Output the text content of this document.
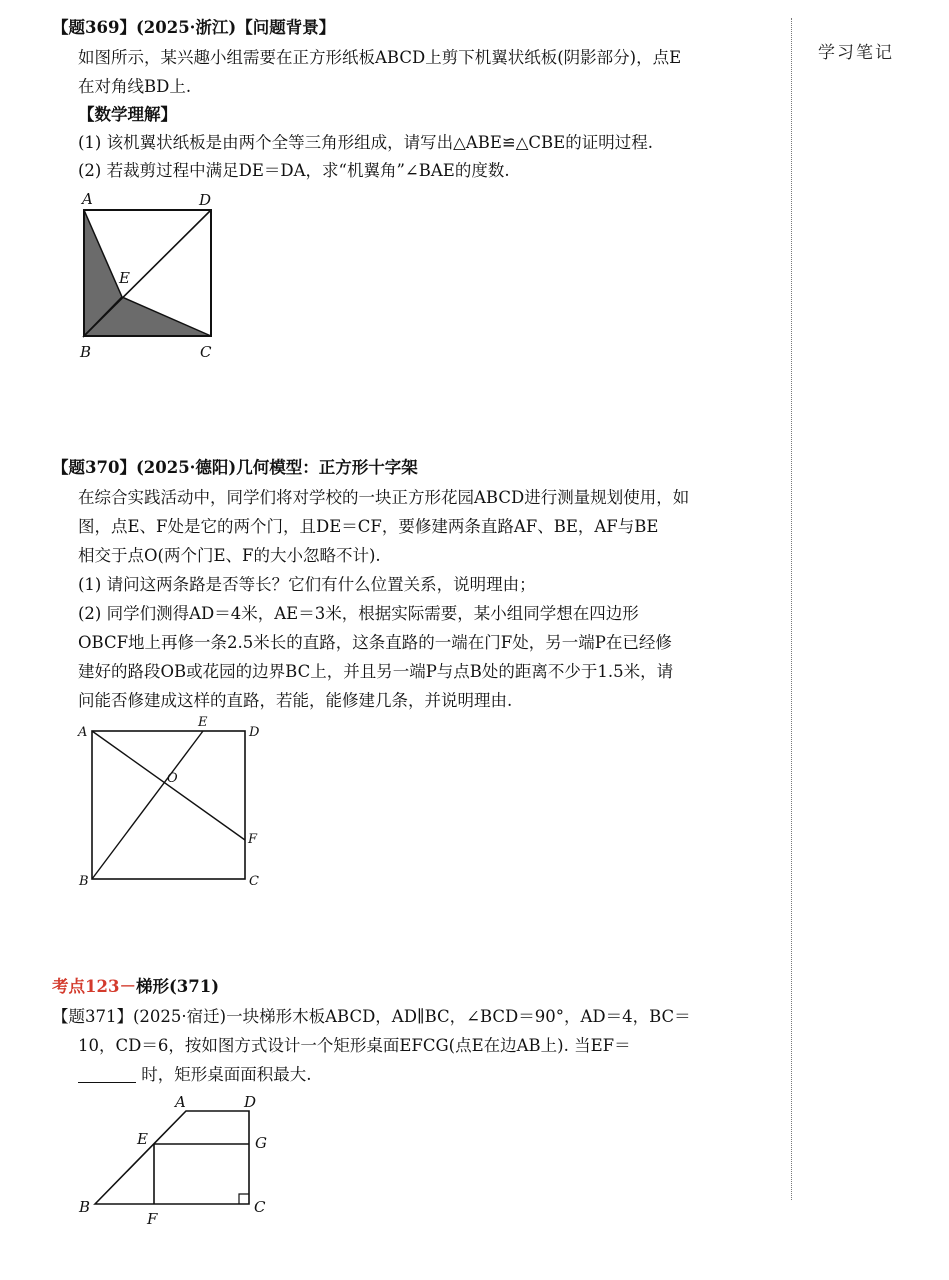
学习笔记
【题369】(2025·浙江)【问题背景】
如图所示，某兴趣小组需要在正方形纸板ABCD上剪下机翼状纸板(阴影部分)，点E
在对角线BD上.
【数学理解】
(1) 该机翼状纸板是由两个全等三角形组成，请写出△ABE≌△CBE的证明过程.
(2) 若裁剪过程中满足DE＝DA，求“机翼角”∠BAE的度数.
A	D
E
B	C
【题370】(2025·德阳)几何模型：正方形十字架
在综合实践活动中，同学们将对学校的一块正方形花园ABCD进行测量规划使用，如
图，点E、F处是它的两个门，且DE＝CF，要修建两条直路AF、BE，AF与BE
相交于点O(两个门E、F的大小忽略不计).
(1) 请问这两条路是否等长？它们有什么位置关系，说明理由；
(2) 同学们测得AD＝4米，AE＝3米，根据实际需要，某小组同学想在四边形
OBCF地上再修一条2.5米长的直路，这条直路的一端在门F处，另一端P在已经修
建好的路段OB或花园的边界BC上，并且另一端P与点B处的距离不少于1.5米，请
问能否修建成这样的直路，若能，能修建几条，并说明理由.
A
E
D
O
F
B	C
考点123－梯形(371)
【题371】(2025·宿迁)一块梯形木板ABCD，AD∥BC，∠BCD＝90°，AD＝4，BC＝
10，CD＝6，按如图方式设计一个矩形桌面EFCG(点E在边AB上). 当EF＝
时，矩形桌面面积最大.
A	D
E	G
B	C
F
